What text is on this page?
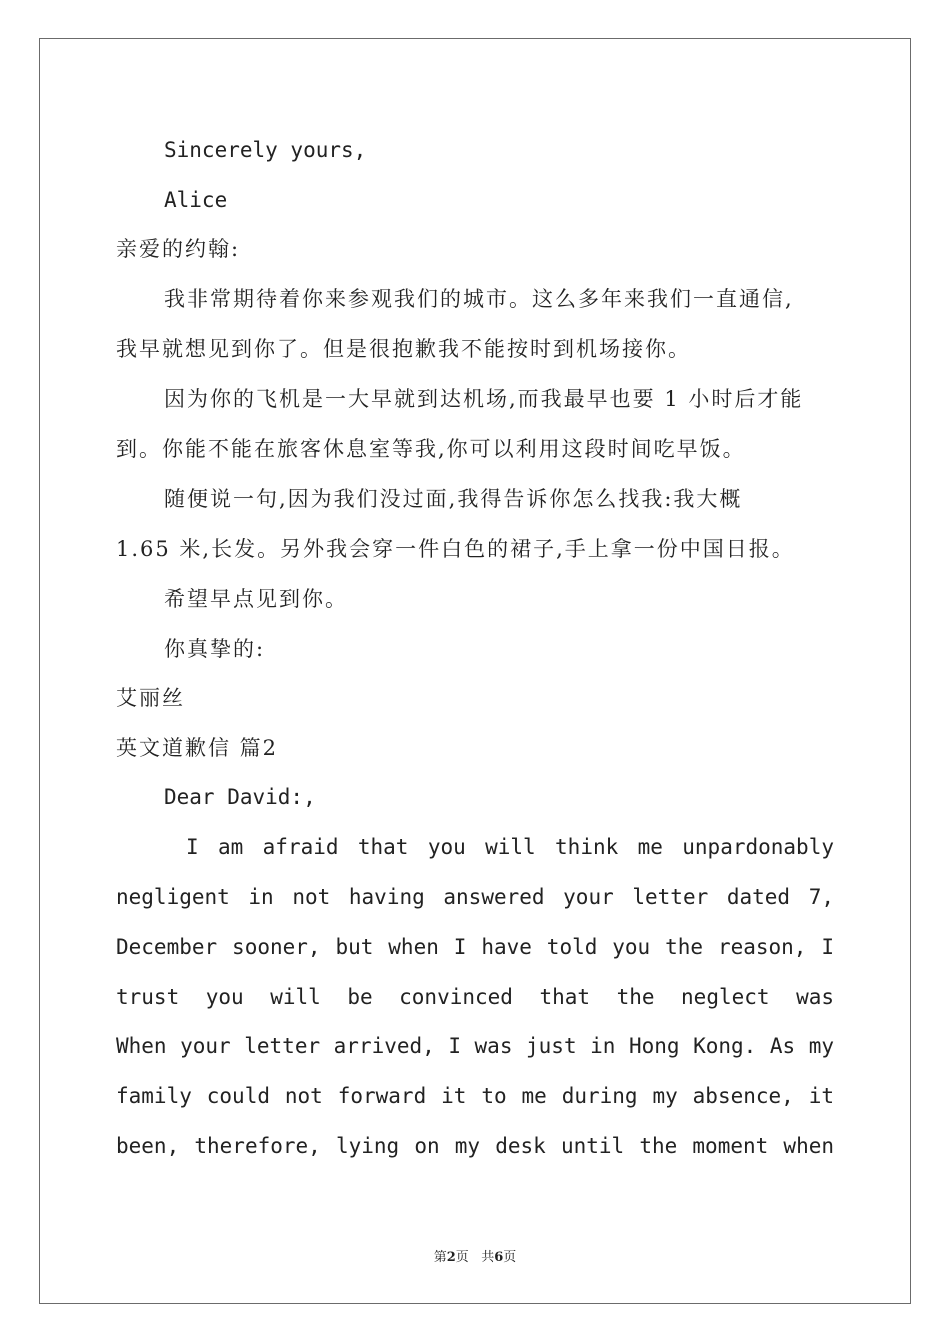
Sincerely yours,
Alice
亲爱的约翰:
我非常期待着你来参观我们的城市。这么多年来我们一直通信,
我早就想见到你了。但是很抱歉我不能按时到机场接你。
因为你的飞机是一大早就到达机场,而我最早也要 1 小时后才能
到。你能不能在旅客休息室等我,你可以利用这段时间吃早饭。
随便说一句,因为我们没过面,我得告诉你怎么找我:我大概
1.65 米,长发。另外我会穿一件白色的裙子,手上拿一份中国日报。
希望早点见到你。
你真挚的:
艾丽丝
英文道歉信 篇2
Dear David:,
I am afraid that you will think me unpardonably
negligent in not having answered your letter dated 7,
December sooner, but when I have told you the reason, I
trust you will be convinced that the neglect was
When your letter arrived, I was just in Hong Kong. As my
family could not forward it to me during my absence, it
been, therefore, lying on my desk until the moment when
第2页 共6页
